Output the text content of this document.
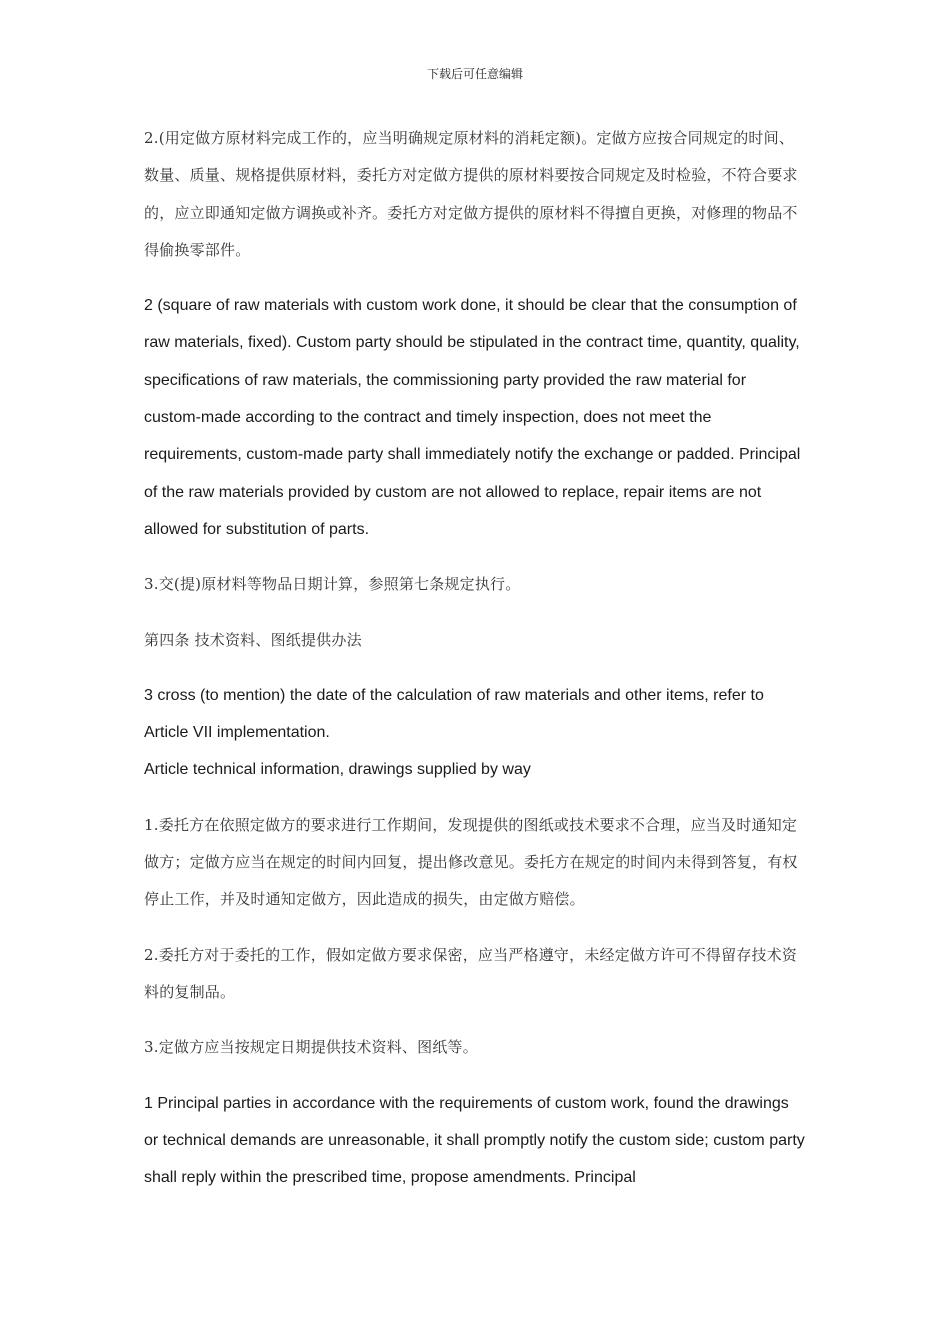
下载后可任意编辑

2.(用定做方原材料完成工作的，应当明确规定原材料的消耗定额)。定做方应按合同规定的时间、数量、质量、规格提供原材料，委托方对定做方提供的原材料要按合同规定及时检验，不符合要求的，应立即通知定做方调换或补齐。委托方对定做方提供的原材料不得擅自更换，对修理的物品不得偷换零部件。

2 (square of raw materials with custom work done, it should be clear that the consumption of raw materials, fixed). Custom party should be stipulated in the contract time, quantity, quality, specifications of raw materials, the commissioning party provided the raw material for custom-made according to the contract and timely inspection, does not meet the requirements, custom-made party shall immediately notify the exchange or padded. Principal of the raw materials provided by custom are not allowed to replace, repair items are not allowed for substitution of parts.

3.交(提)原材料等物品日期计算，参照第七条规定执行。

第四条 技术资料、图纸提供办法

3 cross (to mention) the date of the calculation of raw materials and other items, refer to Article VII implementation.

Article technical information, drawings supplied by way

1.委托方在依照定做方的要求进行工作期间，发现提供的图纸或技术要求不合理，应当及时通知定做方；定做方应当在规定的时间内回复，提出修改意见。委托方在规定的时间内未得到答复，有权停止工作，并及时通知定做方，因此造成的损失，由定做方赔偿。

2.委托方对于委托的工作，假如定做方要求保密，应当严格遵守，未经定做方许可不得留存技术资料的复制品。

3.定做方应当按规定日期提供技术资料、图纸等。

1 Principal parties in accordance with the requirements of custom work, found the drawings or technical demands are unreasonable, it shall promptly notify the custom side; custom party shall reply within the prescribed time, propose amendments. Principal
